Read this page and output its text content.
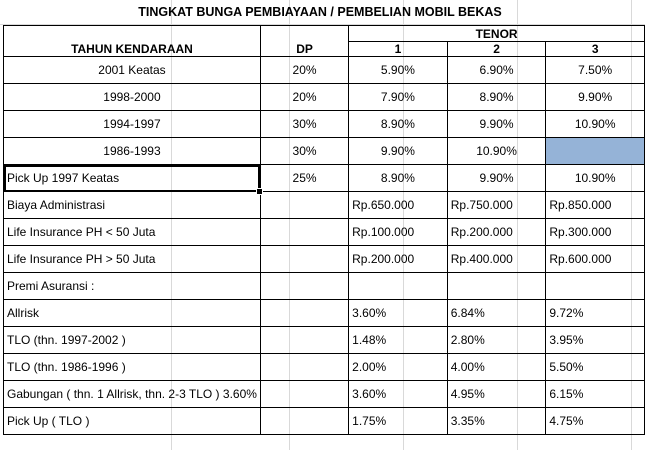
TINGKAT BUNGA PEMBIAYAAN / PEMBELIAN MOBIL BEKAS
TAHUN KENDARAAN	DP	TENOR		
		1	2	3
2001 Keatas	20%	5.90%	6.90%	7.50%
1998-2000	20%	7.90%	8.90%	9.90%
1994-1997	30%	8.90%	9.90%	10.90%
1986-1993	30%	9.90%	10.90%	
Pick Up 1997 Keatas	25%	8.90%	9.90%	10.90%
Biaya Administrasi		Rp.650.000	Rp.750.000	Rp.850.000
Life Insurance PH < 50 Juta		Rp.100.000	Rp.200.000	Rp.300.000
Life Insurance PH > 50 Juta		Rp.200.000	Rp.400.000	Rp.600.000
Premi Asuransi :				
Allrisk		3.60%	6.84%	9.72%
TLO (thn. 1997-2002 )		1.48%	2.80%	3.95%
TLO (thn. 1986-1996 )		2.00%	4.00%	5.50%
Gabungan ( thn. 1 Allrisk, thn. 2-3 TLO ) 3.60%		3.60%	4.95%	6.15%
Pick Up ( TLO )		1.75%	3.35%	4.75%
